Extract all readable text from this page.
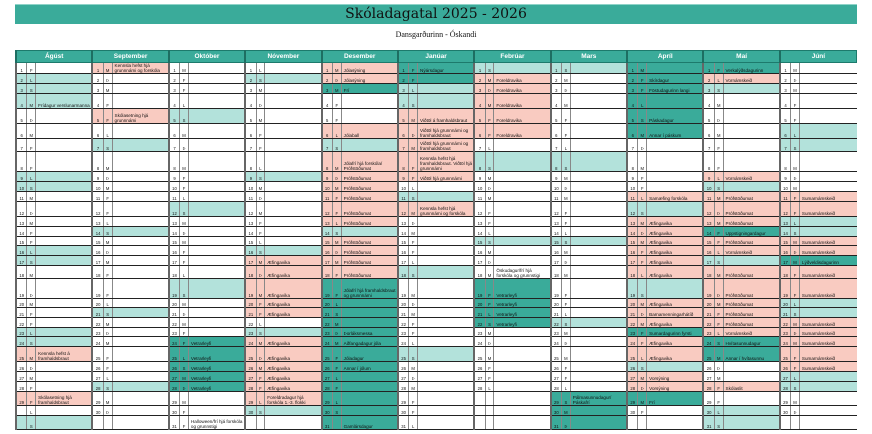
Skóladagatal 2025 - 2026
Dansgarðurinn - Óskandi
Ágúst			September			Október			Nóvember			Desember			Janúar			Febrúar			Mars			Apríl			Maí			Júní		
1	F		1	M	Kennsla hefst hjá grunnnámi og forskóla	1	M		1	L		1	M	Jólasýning	1	F	Nýársdagur	1	S		1	S		1	M		1	F	Verkalýðsdagurinn	1	M	
2	L		2	Þ		2	F		2	S		2	Þ	Jólasýning	2	F		2	M	Foreldravika	2	M		2	F	Skírdagur	2	L	Vornámskeið	2	Þ	
3	S		3	M		3	F		3	M		3	M	Frí	3	L		3	Þ	Foreldravika	3	Þ		3	F	Föstudagurinn langi	3	S		3	M	
4	M	Frídagur verslunarmanna	4	F		4	L		4	Þ		4	F		4	S		4	M	Foreldravika	4	M		4	L		4	M		4	F	
5	Þ		5	F	Skólasetning hjá grunnnámi	5	S		5	M		5	F		5	M	Viðtöl á framhaldsbraut	5	F	Foreldravika	5	F		5	S	Páskadagur	5	Þ		5	F	
6	M		6	L		6	M		6	F		6	L	Jólaball	6	Þ	Viðtöl hjá grunnnámi og framhaldsbraut	6	F	Foreldravika	6	F		6	M	Annar í páskum	6	M		6	L	
7	F		7	S		7	Þ		7	F		7	S		7	M	Viðtöl hjá grunnnámi og framhaldsbraut	7	L		7	L		7	Þ		7	F		7	S	
8	F		8	M		8	M		8	L		8	M	Jólafrí hjá forskóla/ Prófstöðumat	8	F	Kennsla hefst hjá framhaldsbraut. Viðtöl hjá grunnnámi	8	S		8	S		8	M		8	F		8	M	
9	L		9	Þ		9	F		9	S		9	Þ	Prófstöðumat	9	F	Viðtöl hjá grunnnámi	9	M		9	M		9	F		9	L	Vornámskeið	9	Þ	
10	S		10	M		10	F		10	M		10	M	Prófstöðumat	10	L		10	Þ		10	Þ		10	F		10	S		10	M	
11	M		11	F		11	L		11	Þ		11	F	Prófstöðumat	11	S		11	M		11	M		11	L	Samæfing forskóla	11	M	Prófstöðumat	11	F	Sumarnámskeið
12	Þ		12	F		12	S		12	M		12	F	Prófstöðumat	12	M	Kennsla hefst hjá grunnnámi og forskóla	12	F		12	F		12	S		12	Þ	Prófstöðumat	12	F	Sumarnámskeið
13	M		13	L		13	M		13	F		13	L	Prófstöðumat	13	Þ		13	F		13	F		13	M	Æfingavika	13	M	Prófstöðumat	13	L	
14	F		14	S		14	Þ		14	F		14	S		14	M		14	L		14	L		14	Þ	Æfingavika	14	F	Uppstigningardagur	14	S	
15	F		15	M		15	M		15	L		15	M	Prófstöðumat	15	F		15	S		15	S		15	M	Æfingavika	15	F	Prófstöðumat	15	M	Sumarnámskeið
16	L		16	Þ		16	F		16	S		16	Þ	Prófstöðumat	16	F		16	M		16	M		16	F	Æfingavika	16	L	Vornámskeið	16	Þ	Sumarnámskeið
17	S		17	M		17	F		17	M	Æfingavika	17	M	Prófstöðumat	17	L		17	Þ		17	Þ		17	F	Æfingavika	17	S		17	M	Lýðveldisdagurinn
18	M		18	F		18	L		18	Þ	Æfingavika	18	F	Prófstöðumat	18	S		18	M	Öskudagur/frí hjá forskóla og grunnstigi	18	M		18	L	Æfingavika	18	M	Prófstöðumat	18	F	Sumarnámskeið
19	Þ		19	F		19	S		19	M	Æfingavika	19	F	Jólafrí hjá framhaldsbraut og grunnnámi	19	M		19	F	Vetrarleyfi	19	F		19	S		19	Þ	Prófstöðumat	19	F	Sumarnámskeið
20	M		20	L		20	M		20	F	Æfingavika	20	L		20	Þ		20	F	Vetrarleyfi	20	F		20	M	Æfingavika	20	M	Prófstöðumat	20	L	
21	F		21	S		21	Þ		21	F	Æfingavika	21	S		21	M		21	L	Vetrarleyfi	21	L		21	Þ	Barnamenningarhátíð	21	F	Prófstöðumat	21	S	
22	F		22	M		22	M		22	L		22	M		22	F		22	S	Vetrarleyfi	22	S		22	M	Æfingavika	22	F	Prófstöðumat	22	M	Sumarnámskeið
23	L		23	Þ		23	F		23	S		23	Þ	Þorláksmessa	23	F		23	M		23	M		23	F	Sumardagurinn fyrsti	23	L	Vornámskeið	23	Þ	Sumarnámskeið
24	S		24	M		24	F	Vetrarleyfi	24	M	Æfingavika	24	M	Aðfangadagur jóla	24	L		24	Þ		24	Þ		24	F	Æfingavika	24	S	Hvítasunnudagur	24	M	Sumarnámskeið
25	M	Kennsla hefst á framhaldsbraut	25	F		25	L	Vetrarleyfi	25	Þ	Æfingavika	25	F	Jóladagur	25	S		25	M		25	M		25	L	Æfingavika	25	M	Annar í hvítasunnu	25	F	Sumarnámskeið
26	Þ		26	F		26	S	Vetrarleyfi	26	M	Æfingavika	26	F	Annar í jólum	26	M		26	F		26	F		26	S		26	Þ		26	F	Sumarnámskeið
27	M		27	L		27	M	Vetrarleyfi	27	F	Æfingavika	27	L		27	Þ		27	F		27	F		27	M	Vorsýning	27	M		27	L	
28	F		28	S		28	Þ	Vetrarleyfi	28	F	Æfingavika	28	F		28	M		28	L		28	L		28	Þ	Vorsýning	28	F	Skólaslit	28	S	
29	F	Skólasetning hjá framhaldsbraut	29	M		29	M		29	L	Foreldradagur hjá forskóla 1.-3. flokki	29	L		29	F					29	S	Pálmasunnudagur/ Páskafrí	29	M	Frí	29	F		29	M	
	L		30	Þ		30	F		30	S		30	S		30	F					30	M		30	F		30	L		30	Þ	
	S					31	F	Halloween/frí hjá forskóla og grunnstigi				31		Gamlársdagur	31	L					31	Þ					31	S				
